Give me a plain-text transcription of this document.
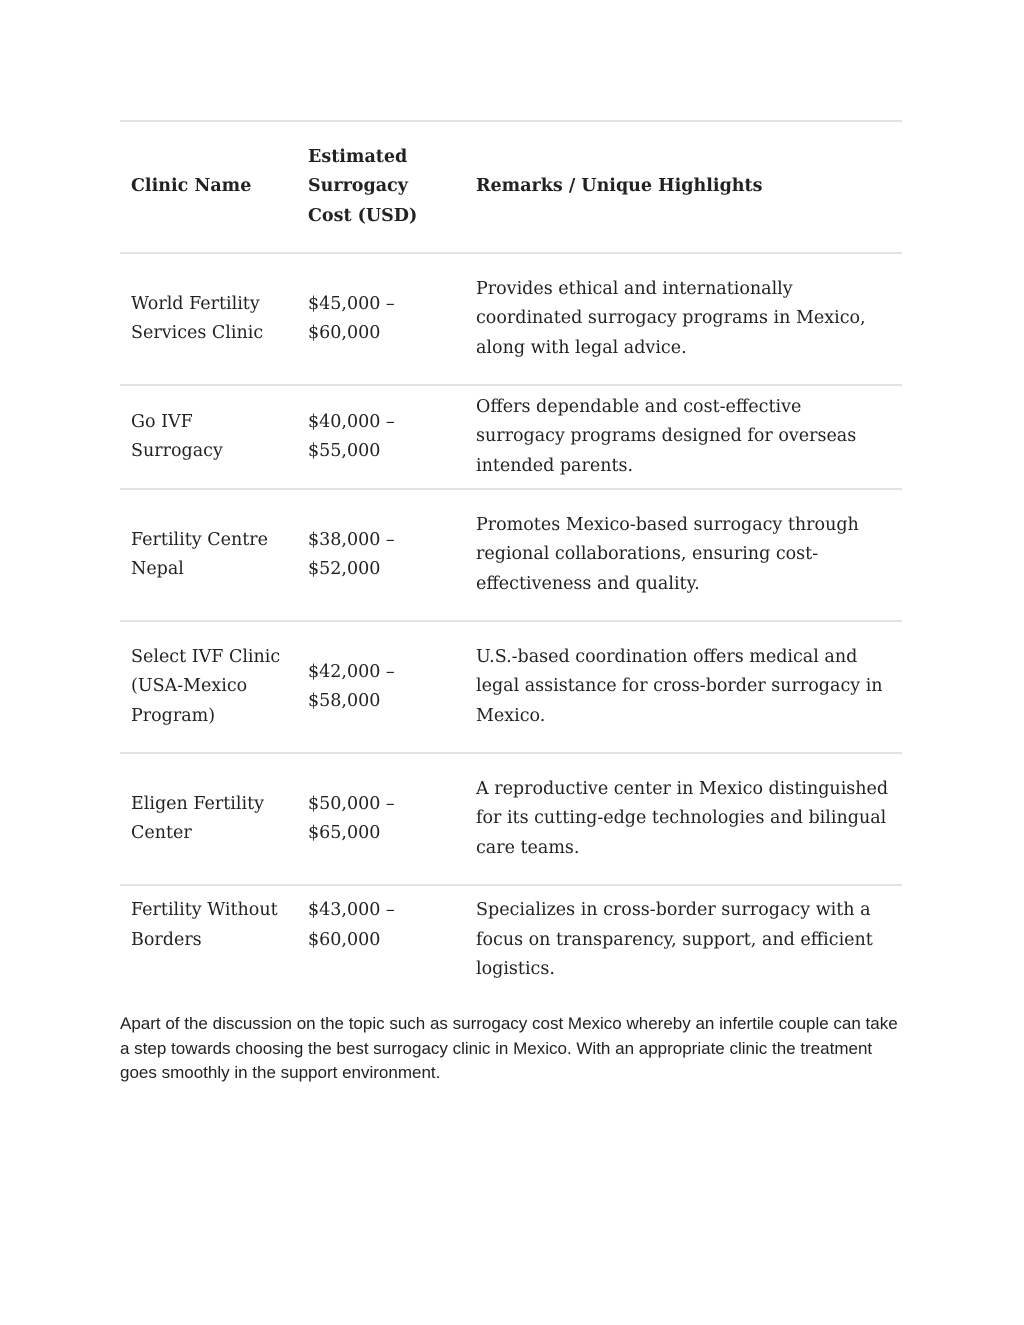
Clinic Name	Estimated Surrogacy Cost (USD)	Remarks / Unique Highlights
World Fertility Services Clinic	$45,000 – $60,000	Provides ethical and internationally coordinated surrogacy programs in Mexico, along with legal advice.
Go IVF Surrogacy	$40,000 – $55,000	Offers dependable and cost-effective surrogacy programs designed for overseas intended parents.
Fertility Centre Nepal	$38,000 – $52,000	Promotes Mexico-based surrogacy through regional collaborations, ensuring cost-effectiveness and quality.
Select IVF Clinic (USA-Mexico Program)	$42,000 – $58,000	U.S.-based coordination offers medical and legal assistance for cross-border surrogacy in Mexico.
Eligen Fertility Center	$50,000 – $65,000	A reproductive center in Mexico distinguished for its cutting-edge technologies and bilingual care teams.

Fertility Without Borders	$43,000 – $60,000	Specializes in cross-border surrogacy with a focus on transparency, support, and efficient logistics.

Apart of the discussion on the topic such as surrogacy cost Mexico whereby an infertile couple can take a step towards choosing the best surrogacy clinic in Mexico. With an appropriate clinic the treatment goes smoothly in the support environment.
